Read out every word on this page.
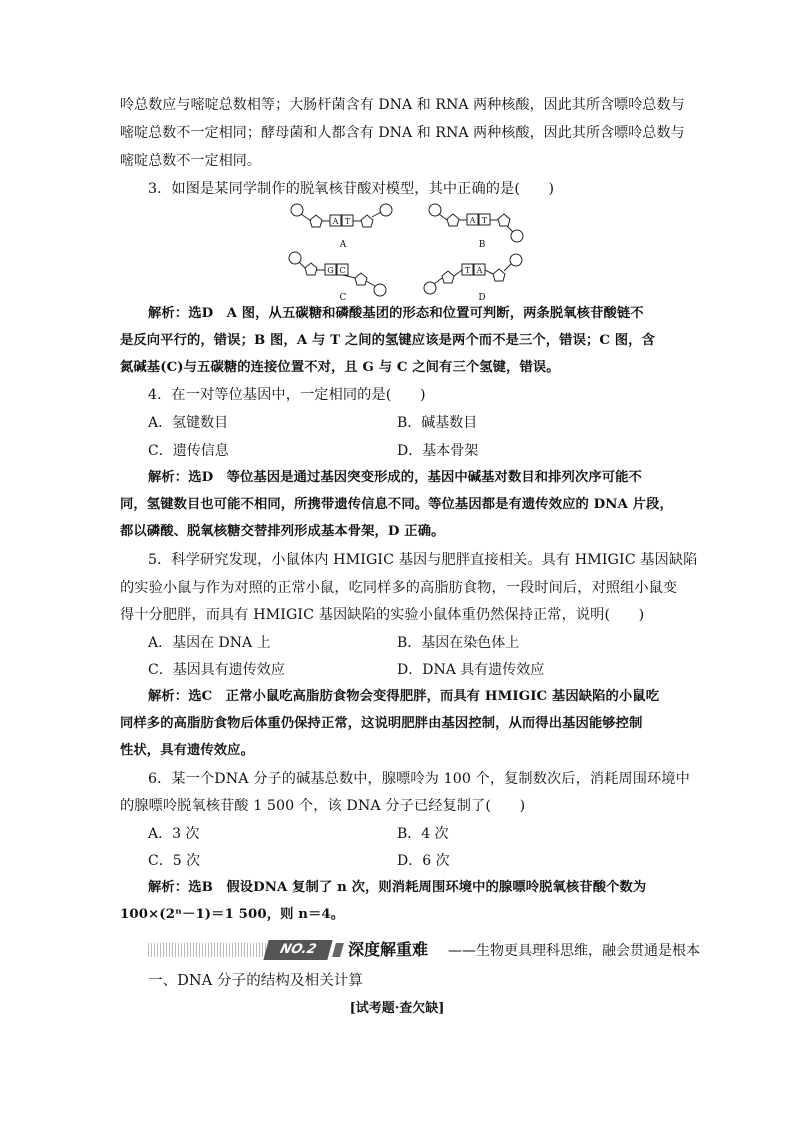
呤总数应与嘧啶总数相等；大肠杆菌含有 DNA 和 RNA 两种核酸，因此其所含嘌呤总数与
嘧啶总数不一定相同；酵母菌和人都含有 DNA 和 RNA 两种核酸，因此其所含嘌呤总数与
嘧啶总数不一定相同。
3．如图是某同学制作的脱氧核苷酸对模型，其中正确的是(　　)
A T
A
A T
B
G C
C
T A
D
解析：选D　A 图，从五碳糖和磷酸基团的形态和位置可判断，两条脱氧核苷酸链不
是反向平行的，错误；B 图，A 与 T 之间的氢键应该是两个而不是三个，错误；C 图，含
氮碱基(C)与五碳糖的连接位置不对，且 G 与 C 之间有三个氢键，错误。
4．在一对等位基因中，一定相同的是(　　)
A．氢键数目	B．碱基数目
C．遗传信息	D．基本骨架
解析：选D　等位基因是通过基因突变形成的，基因中碱基对数目和排列次序可能不
同，氢键数目也可能不相同，所携带遗传信息不同。等位基因都是有遗传效应的 DNA 片段，
都以磷酸、脱氧核糖交替排列形成基本骨架，D 正确。
5．科学研究发现，小鼠体内 HMIGIC 基因与肥胖直接相关。具有 HMIGIC 基因缺陷
的实验小鼠与作为对照的正常小鼠，吃同样多的高脂肪食物，一段时间后，对照组小鼠变
得十分肥胖，而具有 HMIGIC 基因缺陷的实验小鼠体重仍然保持正常，说明(　　)
A．基因在 DNA 上	B．基因在染色体上
C．基因具有遗传效应	D．DNA 具有遗传效应
解析：选C　正常小鼠吃高脂肪食物会变得肥胖，而具有 HMIGIC 基因缺陷的小鼠吃
同样多的高脂肪食物后体重仍保持正常，这说明肥胖由基因控制，从而得出基因能够控制
性状，具有遗传效应。
6．某一个DNA 分子的碱基总数中，腺嘌呤为 100 个，复制数次后，消耗周围环境中
的腺嘌呤脱氧核苷酸 1 500 个，该 DNA 分子已经复制了(　　)
A．3 次	B．4 次
C．5 次	D．6 次
解析：选B　假设DNA 复制了 n 次，则消耗周围环境中的腺嘌呤脱氧核苷酸个数为
100×(2ⁿ－1)＝1 500，则 n＝4。
NO.2	深度解重难 ——生物更具理科思维，融会贯通是根本
一、DNA 分子的结构及相关计算
[试考题·查欠缺]
